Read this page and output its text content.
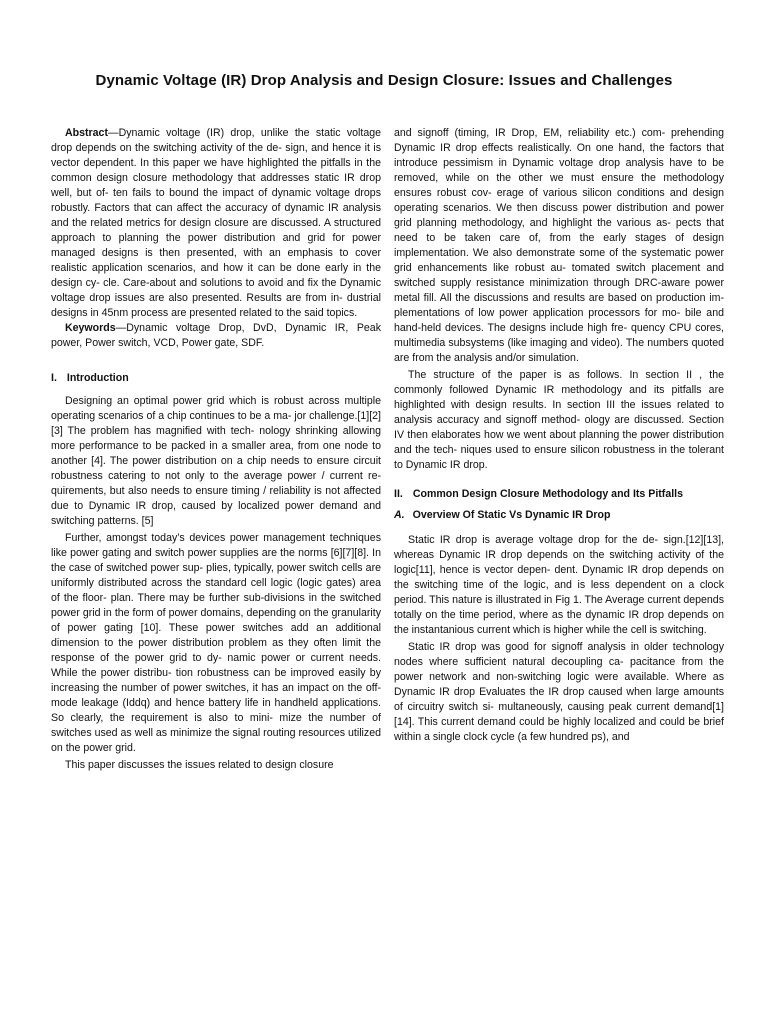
Dynamic Voltage (IR) Drop Analysis and Design Closure: Issues and Challenges

Abstract—Dynamic voltage (IR) drop, unlike the static voltage drop depends on the switching activity of the de- sign, and hence it is vector dependent. In this paper we have highlighted the pitfalls in the common design closure methodology that addresses static IR drop well, but of- ten fails to bound the impact of dynamic voltage drops robustly. Factors that can affect the accuracy of dynamic IR analysis and the related metrics for design closure are discussed. A structured approach to planning the power distribution and grid for power managed designs is then presented, with an emphasis to cover realistic application scenarios, and how it can be done early in the design cy- cle. Care-about and solutions to avoid and fix the Dynamic voltage drop issues are also presented. Results are from in- dustrial designs in 45nm process are presented related to the said topics.

Keywords—Dynamic voltage Drop, DvD, Dynamic IR, Peak power, Power switch, VCD, Power gate, SDF.

I. Introduction

Designing an optimal power grid which is robust across multiple operating scenarios of a chip continues to be a ma- jor challenge.[1][2][3] The problem has magnified with tech- nology shrinking allowing more performance to be packed in a smaller area, from one node to another [4]. The power distribution on a chip needs to ensure circuit robustness catering to not only to the average power / current re- quirements, but also needs to ensure timing / reliability is not affected due to Dynamic IR drop, caused by localized power demand and switching patterns. [5]

Further, amongst today’s devices power management techniques like power gating and switch power supplies are the norms [6][7][8]. In the case of switched power sup- plies, typically, power switch cells are uniformly distributed across the standard cell logic (logic gates) area of the floor- plan. There may be further sub-divisions in the switched power grid in the form of power domains, depending on the granularity of power gating [10]. These power switches add an additional dimension to the power distribution problem as they often limit the response of the power grid to dy- namic power or current needs. While the power distribu- tion robustness can be improved easily by increasing the number of power switches, it has an impact on the off- mode leakage (Iddq) and hence battery life in handheld applications. So clearly, the requirement is also to mini- mize the number of switches used as well as minimize the signal routing resources utilized on the power grid.

This paper discusses the issues related to design closure

and signoff (timing, IR Drop, EM, reliability etc.) com- prehending Dynamic IR drop effects realistically. On one hand, the factors that introduce pessimism in Dynamic voltage drop analysis have to be removed, while on the other we must ensure the methodology ensures robust cov- erage of various silicon conditions and design operating scenarios. We then discuss power distribution and power grid planning methodology, and highlight the various as- pects that need to be taken care of, from the early stages of design implementation. We also demonstrate some of the systematic power grid enhancements like robust au- tomated switch placement and switched supply resistance minimization through DRC-aware power metal fill. All the discussions and results are based on production im- plementations of low power application processors for mo- bile and hand-held devices. The designs include high fre- quency CPU cores, multimedia subsystems (like imaging and video). The numbers quoted are from the analysis and/or simulation.

The structure of the paper is as follows. In section II , the commonly followed Dynamic IR methodology and its pitfalls are highlighted with design results. In section III the issues related to analysis accuracy and signoff method- ology are discussed. Section IV then elaborates how we went about planning the power distribution and the tech- niques used to ensure silicon robustness in the tolerant to Dynamic IR drop.

II. Common Design Closure Methodology and Its Pitfalls
A. Overview Of Static Vs Dynamic IR Drop

Static IR drop is average voltage drop for the de- sign.[12][13], whereas Dynamic IR drop depends on the switching activity of the logic[11], hence is vector depen- dent. Dynamic IR drop depends on the switching time of the logic, and is less dependent on a clock period. This nature is illustrated in Fig 1. The Average current depends totally on the time period, where as the dynamic IR drop depends on the instantanious current which is higher while the cell is switching.

Static IR drop was good for signoff analysis in older technology nodes where sufficient natural decoupling ca- pacitance from the power network and non-switching logic were available. Where as Dynamic IR drop Evaluates the IR drop caused when large amounts of circuitry switch si- multaneously, causing peak current demand[1][14]. This current demand could be highly localized and could be brief within a single clock cycle (a few hundred ps), and
